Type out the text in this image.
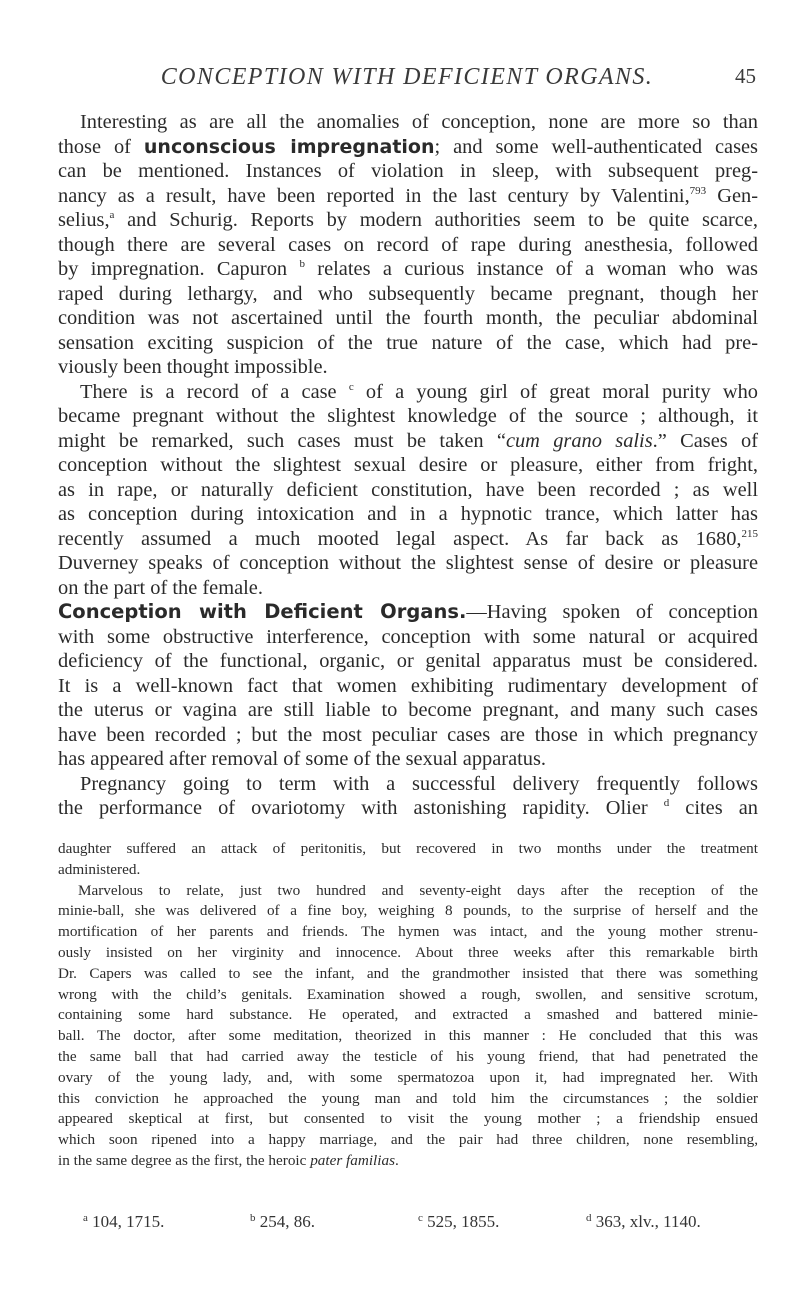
CONCEPTION WITH DEFICIENT ORGANS.	45

Interesting as are all the anomalies of conception, none are more so than
those of unconscious impregnation; and some well-authenticated cases
can be mentioned. Instances of violation in sleep, with subsequent preg-
nancy as a result, have been reported in the last century by Valentini,$^{793}$ Gen-
selius,$^a$ and Schurig. Reports by modern authorities seem to be quite scarce,
though there are several cases on record of rape during anesthesia, followed
by impregnation. Capuron $^b$ relates a curious instance of a woman who was
raped during lethargy, and who subsequently became pregnant, though her
condition was not ascertained until the fourth month, the peculiar abdominal
sensation exciting suspicion of the true nature of the case, which had pre-
viously been thought impossible.

There is a record of a case $^c$ of a young girl of great moral purity who
became pregnant without the slightest knowledge of the source ; although, it
might be remarked, such cases must be taken “cum grano salis.” Cases of
conception without the slightest sexual desire or pleasure, either from fright,
as in rape, or naturally deficient constitution, have been recorded ; as well
as conception during intoxication and in a hypnotic trance, which latter has
recently assumed a much mooted legal aspect. As far back as 1680,$^{215}$
Duverney speaks of conception without the slightest sense of desire or pleasure
on the part of the female.

Conception with Deficient Organs.—Having spoken of conception
with some obstructive interference, conception with some natural or acquired
deficiency of the functional, organic, or genital apparatus must be considered.
It is a well-known fact that women exhibiting rudimentary development of
the uterus or vagina are still liable to become pregnant, and many such cases
have been recorded ; but the most peculiar cases are those in which pregnancy
has appeared after removal of some of the sexual apparatus.

Pregnancy going to term with a successful delivery frequently follows
the performance of ovariotomy with astonishing rapidity. Olier $^d$ cites an

daughter suffered an attack of peritonitis, but recovered in two months under the treatment
administered.

Marvelous to relate, just two hundred and seventy-eight days after the reception of the
minie-ball, she was delivered of a fine boy, weighing 8 pounds, to the surprise of herself and the
mortification of her parents and friends. The hymen was intact, and the young mother strenu-
ously insisted on her virginity and innocence. About three weeks after this remarkable birth
Dr. Capers was called to see the infant, and the grandmother insisted that there was something
wrong with the child’s genitals. Examination showed a rough, swollen, and sensitive scrotum,
containing some hard substance. He operated, and extracted a smashed and battered minie-
ball. The doctor, after some meditation, theorized in this manner : He concluded that this was
the same ball that had carried away the testicle of his young friend, that had penetrated the
ovary of the young lady, and, with some spermatozoa upon it, had impregnated her. With
this conviction he approached the young man and told him the circumstances ; the soldier
appeared skeptical at first, but consented to visit the young mother ; a friendship ensued
which soon ripened into a happy marriage, and the pair had three children, none resembling,
in the same degree as the first, the heroic pater familias.

$^a$ 104, 1715.	$^b$ 254, 86.	$^c$ 525, 1855.	$^d$ 363, xlv., 1140.
